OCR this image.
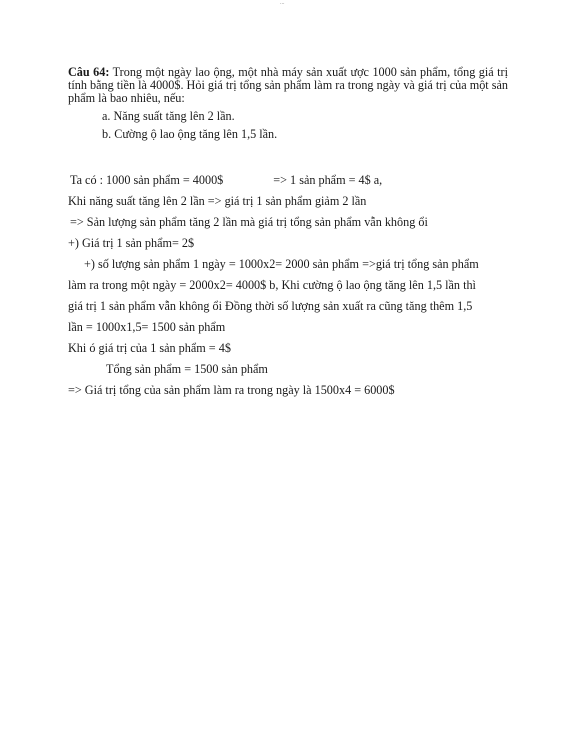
...
Câu 64: Trong một ngày lao ộng, một nhà máy sản xuất ược 1000 sản phẩm, tổng giá trị tính bằng tiền là 4000$. Hỏi giá trị tổng sản phẩm làm ra trong ngày và giá trị của một sản phẩm là bao nhiêu, nếu:
a. Năng suất tăng lên 2 lần.
b. Cường ộ lao ộng tăng lên 1,5 lần.
Ta có : 1000 sản phẩm = 4000$	=> 1 sản phẩm = 4$ a,
Khi năng suất tăng lên 2 lần => giá trị 1 sản phẩm giảm 2 lần
=> Sản lượng sản phẩm tăng 2 lần mà giá trị tổng sản phẩm vẫn không ổi
+) Giá trị 1 sản phẩm= 2$
+) số lượng sản phẩm 1 ngày = 1000x2= 2000 sản phẩm =>giá trị tổng sản phẩm
làm ra trong một ngày = 2000x2= 4000$ b, Khi cường ộ lao ộng tăng lên 1,5 lần thì
giá trị 1 sản phẩm vẫn không ổi Đồng thời số lượng sản xuất ra cũng tăng thêm 1,5
lần = 1000x1,5= 1500 sản phẩm
Khi ó giá trị của 1 sản phẩm = 4$
Tổng sản phẩm = 1500 sản phẩm
=> Giá trị tổng của sản phẩm làm ra trong ngày là 1500x4 = 6000$
